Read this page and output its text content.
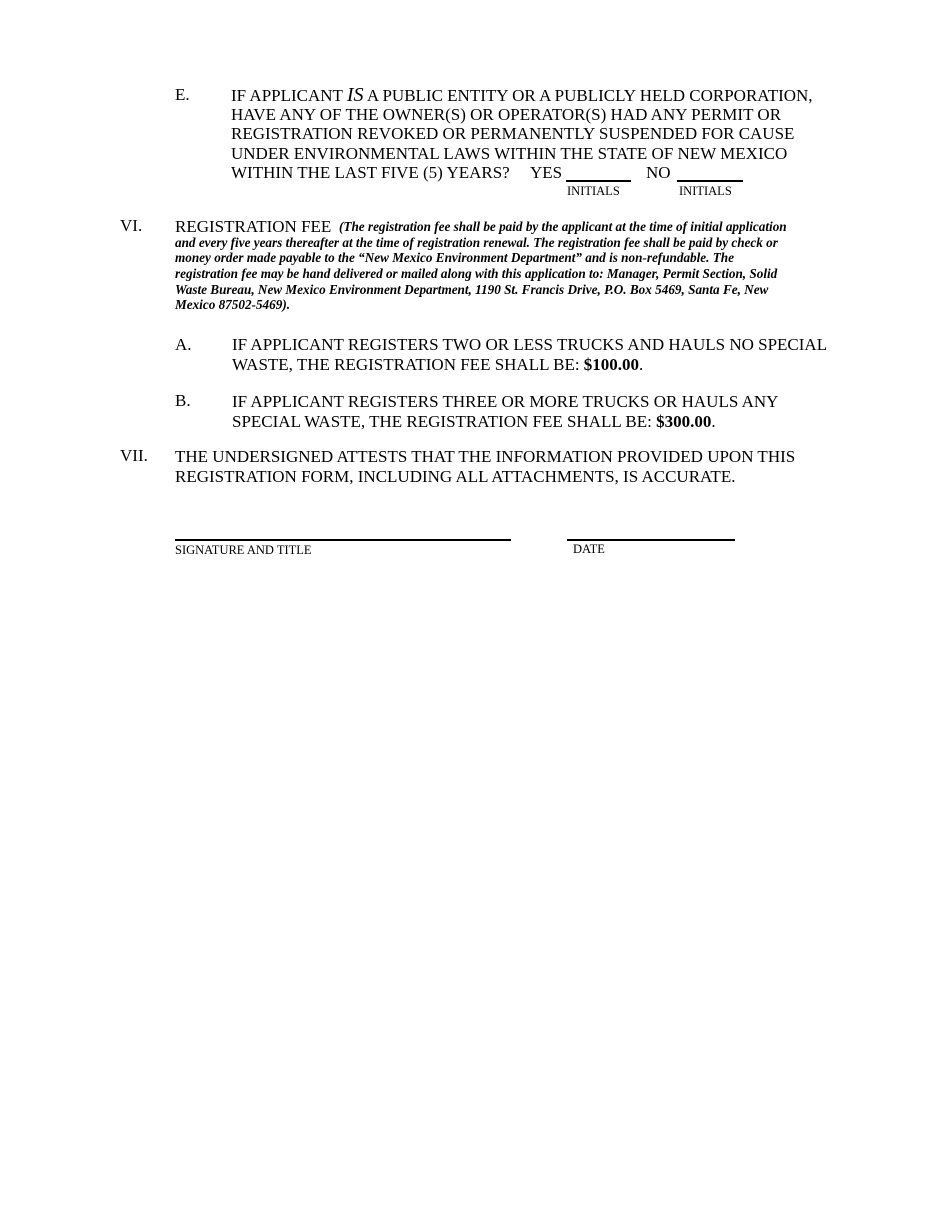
E. IF APPLICANT IS A PUBLIC ENTITY OR A PUBLICLY HELD CORPORATION,
HAVE ANY OF THE OWNER(S) OR OPERATOR(S) HAD ANY PERMIT OR
REGISTRATION REVOKED OR PERMANENTLY SUSPENDED FOR CAUSE
UNDER ENVIRONMENTAL LAWS WITHIN THE STATE OF NEW MEXICO
WITHIN THE LAST FIVE (5) YEARS? YES
INITIALS
NO
INITIALS
VI. REGISTRATION FEE (The registration fee shall be paid by the applicant at the time of initial application
and every five years thereafter at the time of registration renewal. The registration fee shall be paid by check or
money order made payable to the “New Mexico Environment Department” and is non-refundable. The
registration fee may be hand delivered or mailed along with this application to: Manager, Permit Section, Solid
Waste Bureau, New Mexico Environment Department, 1190 St. Francis Drive, P.O. Box 5469, Santa Fe, New
Mexico 87502-5469).
A. IF APPLICANT REGISTERS TWO OR LESS TRUCKS AND HAULS NO SPECIAL
WASTE, THE REGISTRATION FEE SHALL BE: $100.00.
B. IF APPLICANT REGISTERS THREE OR MORE TRUCKS OR HAULS ANY
SPECIAL WASTE, THE REGISTRATION FEE SHALL BE: $300.00.
VII. THE UNDERSIGNED ATTESTS THAT THE INFORMATION PROVIDED UPON THIS
REGISTRATION FORM, INCLUDING ALL ATTACHMENTS, IS ACCURATE.
SIGNATURE AND TITLE	DATE
